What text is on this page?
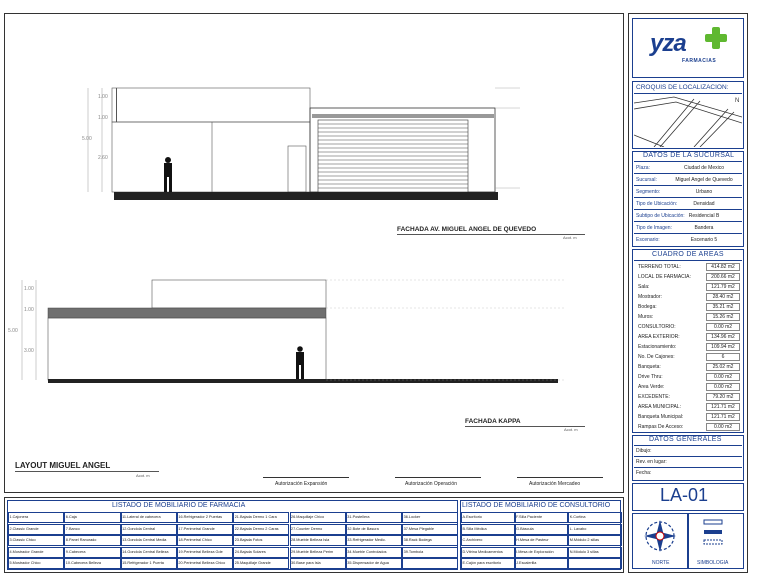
1.00
1.00
5.00
2.60
FACHADA AV. MIGUEL ANGEL DE QUEVEDO
Acot. m
1.00
1.00
5.00
3.00
FACHADA KAPPA
Acot. m
LAYOUT MIGUEL ANGEL
Acot. m
Autorización Expansión	Autorización Operación	Autorización Mercadeo
LISTADO DE MOBILIARIO DE FARMACIA	LISTADO DE MOBILIARIO DE CONSULTORIO
1.Cajonera
2.Classic Grande
3.Classic Chico
4.Mostrador Grande
5.Mostrador Chico
6.Caja
7.Banco
8.Panel Ranurado
9.Cabecera
10.Cabecera Belleza
11.Lateral de cabecera
12.Gondola Central
13.Gondola Central Media
14.Gondola Central Belleza
15.Refrigerador 1 Puerta
16.Refrigerador 2 Puertas
17.Perimetral Grande
18.Perimetral Chico
19.Perimetral Belleza Gde
20.Perimetral Belleza Chico
21.Bajada Dermo 1 Cara
22.Bajada Dermo 2 Caras
23.Bajada Fotos
24.Bajada Solares
25.Maquillaje Grande
26.Maquillaje Chico
27.Counter Dermo
28.Mueble Belleza Isla
29.Mueble Belleza Perim
30.Base para Isla
31.Postellera
32.Bote de Basura
33.Refrigerador Medic.
34.Mueble Controlados
35.Dispensador de Agua
36.Locker
37.Mesa Plegable
38.Rack Bodega
39.Tombola
A.Escritorio
B.Silla Médica
C.Archivero
D.Vitrina Medicamentos
E.Cajón para escritorio
F.Silla Paciente
G.Báscula
H.Mesa de Pasteur
I.Mesa de Exploración
J.Escalerilla
K.Cortina
L. Lavabo
M.Módulo 2 sillas
N.Módulo 3 sillas
yza
FARMACIAS
CROQUIS DE LOCALIZACION:
N
DATOS DE LA SUCURSAL
Plaza:	Ciudad de Mexico
Sucursal:	Miguel Angel de Quevedo
Segmento:	Urbano
Tipo de Ubicación:	Densidad
Subtipo de Ubicación: Residencial B
Tipo de Imagen:	Bandera
Escenario:	Escenario 5
CUADRO DE AREAS
TERRENO TOTAL:	414.82 m2
LOCAL DE FARMACIA:	200.66 m2
Sala:	121.79 m2
Mostrador:	28.40 m2
Bodega:	35.21 m2
Muros:	15.26 m2
CONSULTORIO:	0.00 m2
AREA EXTERIOR:	134.96 m2
Estacionamiento:	109.94 m2
No. De Cajones:	6
Banqueta:	25.02 m2
Drive Thru:	0.00 m2
Area Verde:	0.00 m2
EXCEDENTE:	79.20 m2
AREA MUNICIPAL:	121.71 m2
Banqueta Municipal:	121.71 m2
Rampas De Acceso:	0.00 m2
DATOS GENERALES
Dibujo:
Rev. en lugar:
Fecha:
LA-01
NORTE	SIMBOLOGIA
